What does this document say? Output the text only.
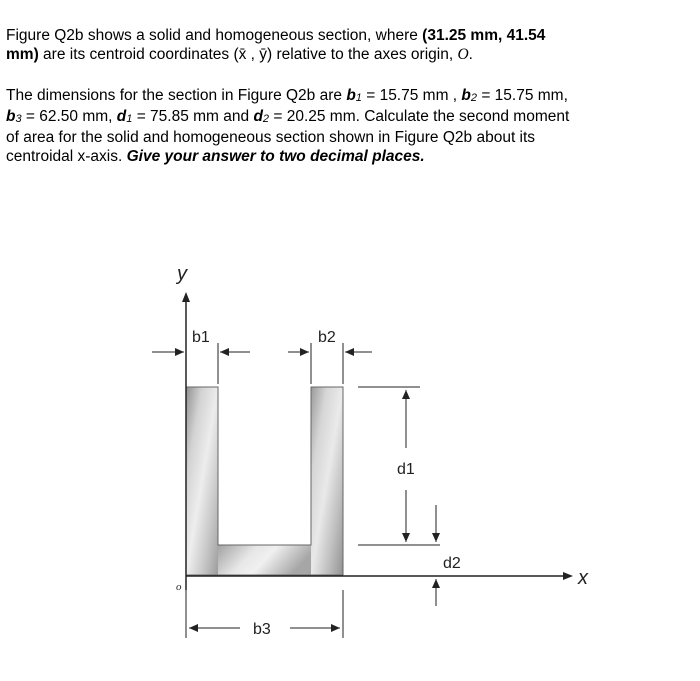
Figure Q2b shows a solid and homogeneous section, where (31.25 mm, 41.54
mm) are its centroid coordinates (x̄ , ȳ) relative to the axes origin, O.

The dimensions for the section in Figure Q2b are b1 = 15.75 mm , b2 = 15.75 mm,
b3 = 62.50 mm, d1 = 75.85 mm and d2 = 20.25 mm. Calculate the second moment
of area for the solid and homogeneous section shown in Figure Q2b about its
centroidal x-axis. Give your answer to two decimal places.

y
x
o
b1	b2
d1
d2
b3
